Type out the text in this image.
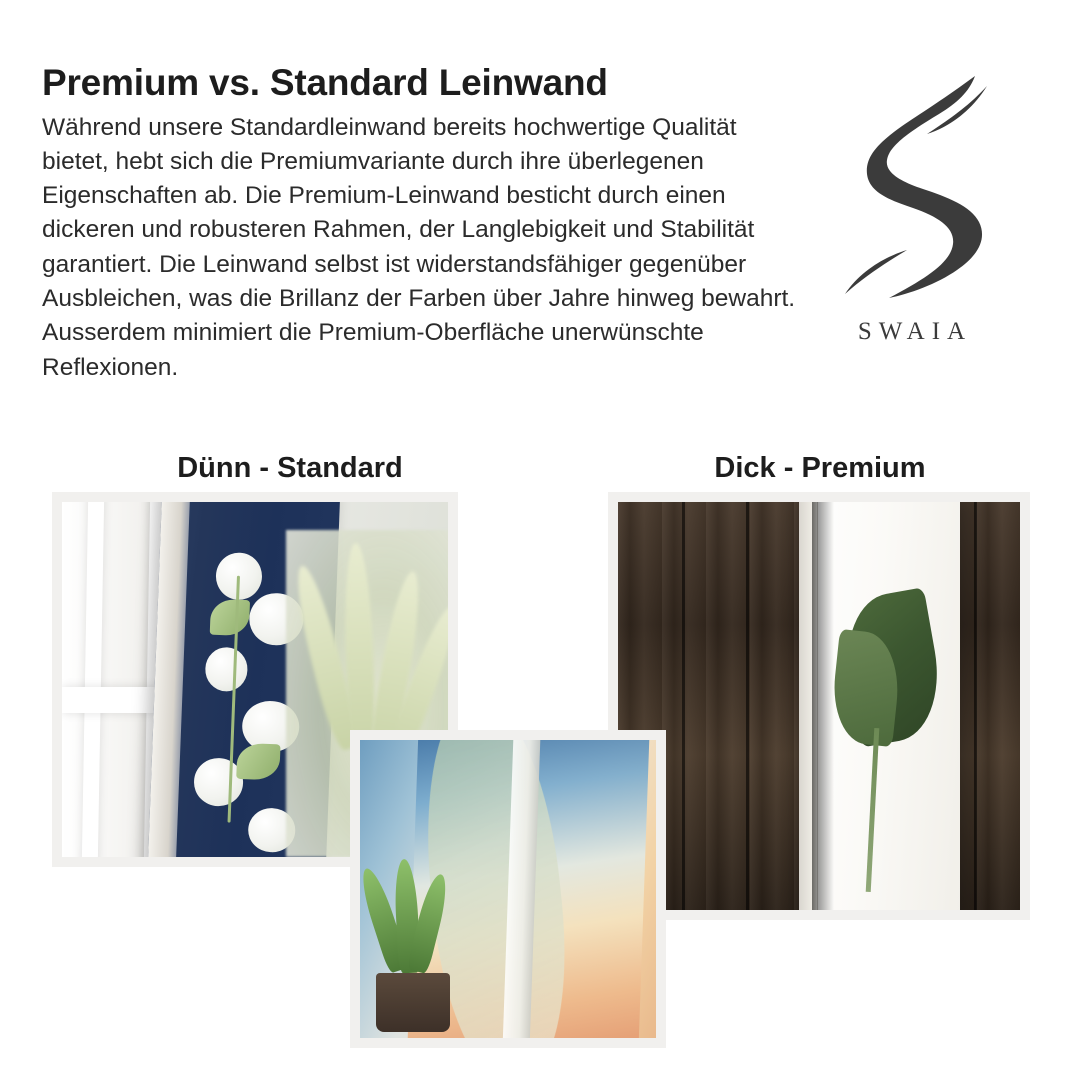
Premium vs. Standard Leinwand

Während unsere Standardleinwand bereits hochwertige Qualität bietet, hebt sich die Premiumvariante durch ihre überlegenen Eigenschaften ab. Die Premium-Leinwand besticht durch einen dickeren und robusteren Rahmen, der Langlebigkeit und Stabilität garantiert. Die Leinwand selbst ist widerstandsfähiger gegenüber Ausbleichen, was die Brillanz der Farben über Jahre hinweg bewahrt. Ausserdem minimiert die Premium-Oberfläche unerwünschte Reflexionen.

SWAIA
Dünn - Standard	Dick - Premium
